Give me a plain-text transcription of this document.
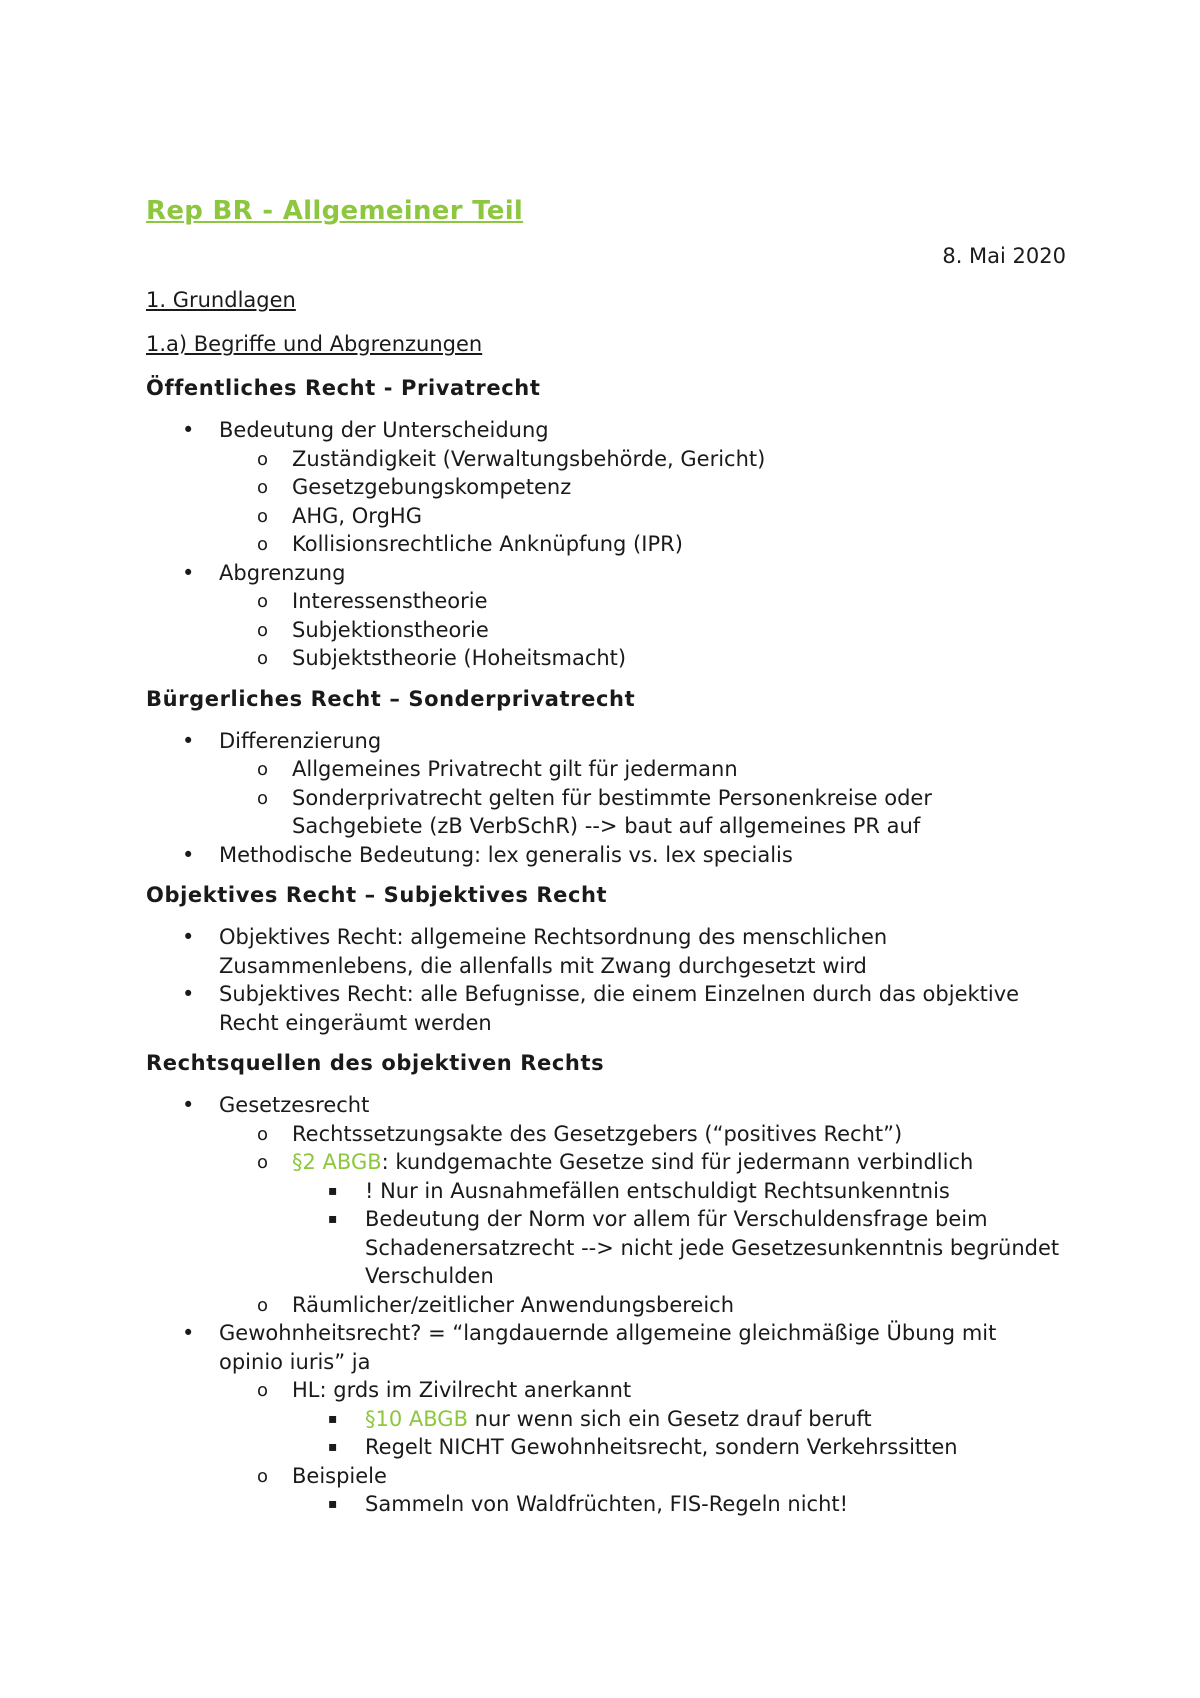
Rep BR - Allgemeiner Teil
8. Mai 2020
1. Grundlagen
1.a) Begriffe und Abgrenzungen
Öffentliches Recht - Privatrecht
• Bedeutung der Unterscheidung
o Zuständigkeit (Verwaltungsbehörde, Gericht)
o Gesetzgebungskompetenz
o AHG, OrgHG
o Kollisionsrechtliche Anknüpfung (IPR)
• Abgrenzung
o Interessenstheorie
o Subjektionstheorie
o Subjektstheorie (Hoheitsmacht)
Bürgerliches Recht – Sonderprivatrecht
• Differenzierung
o Allgemeines Privatrecht gilt für jedermann
o Sonderprivatrecht gelten für bestimmte Personenkreise oder Sachgebiete (zB VerbSchR) --> baut auf allgemeines PR auf
• Methodische Bedeutung: lex generalis vs. lex specialis
Objektives Recht – Subjektives Recht
• Objektives Recht: allgemeine Rechtsordnung des menschlichen Zusammenlebens, die allenfalls mit Zwang durchgesetzt wird
• Subjektives Recht: alle Befugnisse, die einem Einzelnen durch das objektive Recht eingeräumt werden
Rechtsquellen des objektiven Rechts
• Gesetzesrecht
o Rechtssetzungsakte des Gesetzgebers (“positives Recht”)
o §2 ABGB: kundgemachte Gesetze sind für jedermann verbindlich
▪ ! Nur in Ausnahmefällen entschuldigt Rechtsunkenntnis
▪ Bedeutung der Norm vor allem für Verschuldensfrage beim Schadenersatzrecht --> nicht jede Gesetzesunkenntnis begründet Verschulden
o Räumlicher/zeitlicher Anwendungsbereich
• Gewohnheitsrecht? = “langdauernde allgemeine gleichmäßige Übung mit opinio iuris” ja
o HL: grds im Zivilrecht anerkannt
▪ §10 ABGB nur wenn sich ein Gesetz drauf beruft
▪ Regelt NICHT Gewohnheitsrecht, sondern Verkehrssitten
o Beispiele
▪ Sammeln von Waldfrüchten, FIS-Regeln nicht!
